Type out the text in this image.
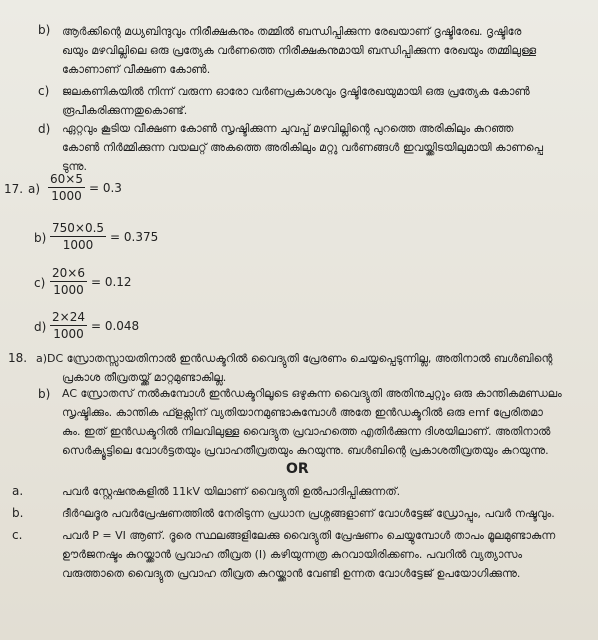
b) ആർക്കിന്റെ മധ്യബിന്ദുവും നിരീക്ഷകനും തമ്മിൽ ബന്ധിപ്പിക്കുന്ന രേഖയാണ് ദൃഷ്ടിരേഖ. ദൃഷ്ടിരേ
ഖയും മഴവില്ലിലെ ഒരു പ്രത്യേക വർണത്തെ നിരീക്ഷകനുമായി ബന്ധിപ്പിക്കുന്ന രേഖയും തമ്മിലുള്ള
കോണാണ് വീക്ഷണ കോൺ.
c) ജലകണികയിൽ നിന്ന് വരുന്ന ഓരോ വർണപ്രകാശവും ദൃഷ്ടിരേഖയുമായി ഒരു പ്രത്യേക കോൺ
രൂപീകരിക്കുന്നതുകൊണ്ട്.
d) ഏറ്റവും കൂടിയ വീക്ഷണ കോൺ സൃഷ്ടിക്കുന്ന ചുവപ്പ് മഴവില്ലിന്റെ പുറത്തെ അരികിലും കുറഞ്ഞ
കോൺ നിർമ്മിക്കുന്ന വയലറ്റ് അകത്തെ അരികിലും മറ്റു വർണങ്ങൾ ഇവയ്ക്കിടയിലുമായി കാണപ്പെ
ടുന്നു.
17. $a) \frac{60\times 5}{1000} = 0.3$
$b) \frac{750\times 0.5}{1000} = 0.375$
$c) \frac{20\times 6}{1000} = 0.12$
$d) \frac{2\times 24}{1000} = 0.048$
18. a)DC സ്രോതസ്സായതിനാൽ ഇൻഡക്ടറിൽ വൈദ്യുതി പ്രേരണം ചെയ്യപ്പെടുന്നില്ല, അതിനാൽ ബൾബിന്റെ
പ്രകാശ തീവ്രതയ്ക്ക് മാറ്റമുണ്ടാകില്ല.
b) AC സ്രോതസ് നൽകുമ്പോൾ ഇൻഡക്ടറിലൂടെ ഒഴുകുന്ന വൈദ്യുതി അതിനുചുറ്റും ഒരു കാന്തികമണ്ഡലം
സൃഷ്ടിക്കും. കാന്തിക ഫ്ളക്സിന് വ്യതിയാനമുണ്ടാകുമ്പോൾ അതേ ഇൻഡക്ടറിൽ ഒരു emf പ്രേരിതമാ
കും. ഇത് ഇൻഡക്ടറിൽ നിലവിലുള്ള വൈദ്യുത പ്രവാഹത്തെ എതിർക്കുന്ന ദിശയിലാണ്. അതിനാൽ
സെർക്യൂട്ടിലെ വോൾട്ടതയും പ്രവാഹതീവ്രതയും കുറയുന്നു. ബൾബിന്റെ പ്രകാശതീവ്രതയും കുറയുന്നു.
OR
a.	പവർ സ്റ്റേഷനുകളിൽ 11kV യിലാണ് വൈദ്യുതി ഉൽപാദിപ്പിക്കുന്നത്.
b.	ദീർഘദൂര പവർപ്രേഷണത്തിൽ നേരിടുന്ന പ്രധാന പ്രശ്നങ്ങളാണ് വോൾട്ടേജ് ഡ്രോപ്പും, പവർ നഷ്ടവും.
c.	പവർ P = VI ആണ്. ദൂരെ സ്ഥലങ്ങളിലേക്കു വൈദ്യുതി പ്രേഷണം ചെയ്യുമ്പോൾ താപം മൂലമുണ്ടാകുന്ന
ഊർജനഷ്ടം കുറയ്ക്കാൻ പ്രവാഹ തീവ്രത (I) കഴിയുന്നത്ര കുറവായിരിക്കണം. പവറിൽ വ്യത്യാസം
വരുത്താതെ വൈദ്യുത പ്രവാഹ തീവ്രത കുറയ്ക്കാൻ വേണ്ടി ഉന്നത വോൾട്ടേജ് ഉപയോഗിക്കുന്നു.
